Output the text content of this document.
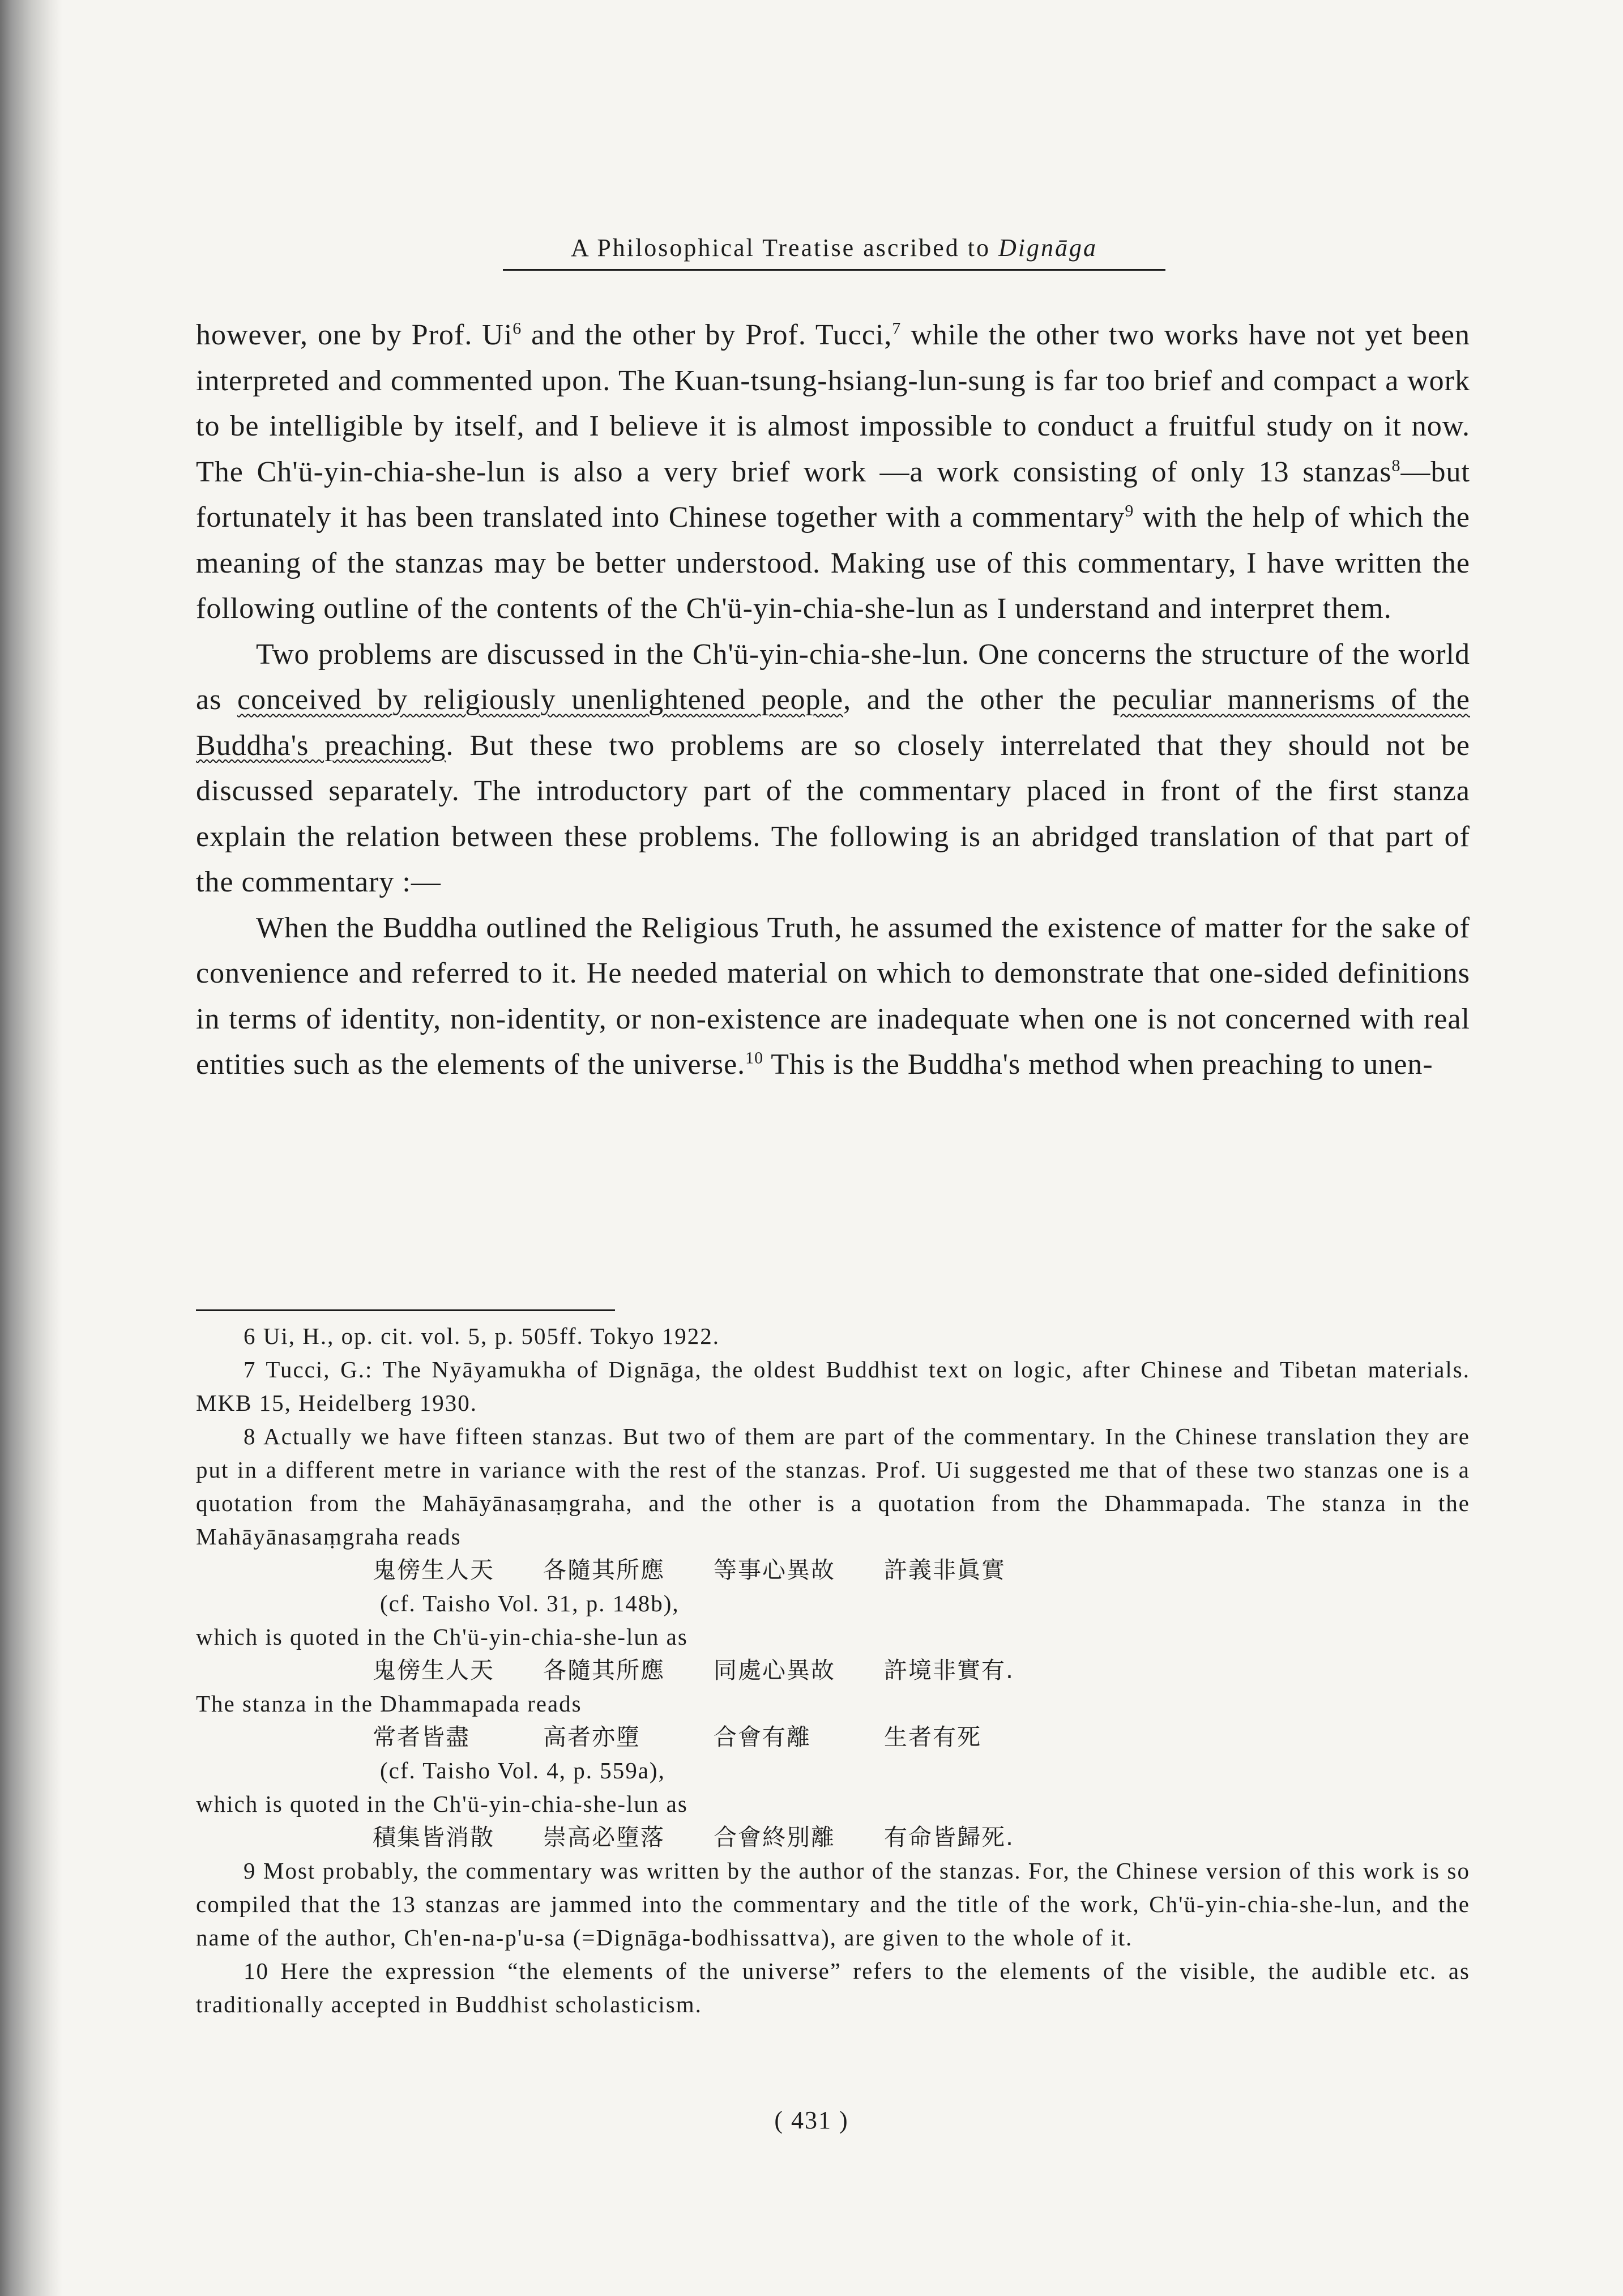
A Philosophical Treatise ascribed to Dignāga

however, one by Prof. Ui$^6$ and the other by Prof. Tucci,$^7$ while the other two works have not yet been interpreted and commented upon. The Kuan-tsung-hsiang-lun-sung is far too brief and compact a work to be intelligible by itself, and I believe it is almost impossible to conduct a fruitful study on it now. The Ch'ü-yin-chia-she-lun is also a very brief work —a work consisting of only 13 stanzas$^8$—but fortunately it has been translated into Chinese together with a commentary$^9$ with the help of which the meaning of the stanzas may be better understood. Making use of this commentary, I have written the following outline of the contents of the Ch'ü-yin-chia-she-lun as I understand and interpret them.

Two problems are discussed in the Ch'ü-yin-chia-she-lun. One concerns the structure of the world as conceived by religiously unenlightened people, and the other the peculiar mannerisms of the Buddha's preaching. But these two problems are so closely interrelated that they should not be discussed separately. The introductory part of the commentary placed in front of the first stanza explain the relation between these problems. The following is an abridged translation of that part of the commentary :—

When the Buddha outlined the Religious Truth, he assumed the existence of matter for the sake of convenience and referred to it. He needed material on which to demonstrate that one-sided definitions in terms of identity, non-identity, or non-existence are inadequate when one is not concerned with real entities such as the elements of the universe.$^{10}$ This is the Buddha's method when preaching to unen-

6 Ui, H., op. cit. vol. 5, p. 505ff. Tokyo 1922.

7 Tucci, G.: The Nyāyamukha of Dignāga, the oldest Buddhist text on logic, after Chinese and Tibetan materials. MKB 15, Heidelberg 1930.

8 Actually we have fifteen stanzas. But two of them are part of the commentary. In the Chinese translation they are put in a different metre in variance with the rest of the stanzas. Prof. Ui suggested me that of these two stanzas one is a quotation from the Mahāyānasaṃgraha, and the other is a quotation from the Dhammapada. The stanza in the Mahāyānasaṃgraha reads

鬼傍生人天　　各隨其所應　　等事心異故　　許義非眞實

(cf. Taisho Vol. 31, p. 148b),

which is quoted in the Ch'ü-yin-chia-she-lun as

鬼傍生人天　　各隨其所應　　同處心異故　　許境非實有.

The stanza in the Dhammapada reads

常者皆盡　　　高者亦墮　　　合會有離　　　生者有死

(cf. Taisho Vol. 4, p. 559a),

which is quoted in the Ch'ü-yin-chia-she-lun as

積集皆消散　　崇高必墮落　　合會終別離　　有命皆歸死.

9 Most probably, the commentary was written by the author of the stanzas. For, the Chinese version of this work is so compiled that the 13 stanzas are jammed into the commentary and the title of the work, Ch'ü-yin-chia-she-lun, and the name of the author, Ch'en-na-p'u-sa (=Dignāga-bodhissattva), are given to the whole of it.

10 Here the expression “the elements of the universe” refers to the elements of the visible, the audible etc. as traditionally accepted in Buddhist scholasticism.

( 431 )
